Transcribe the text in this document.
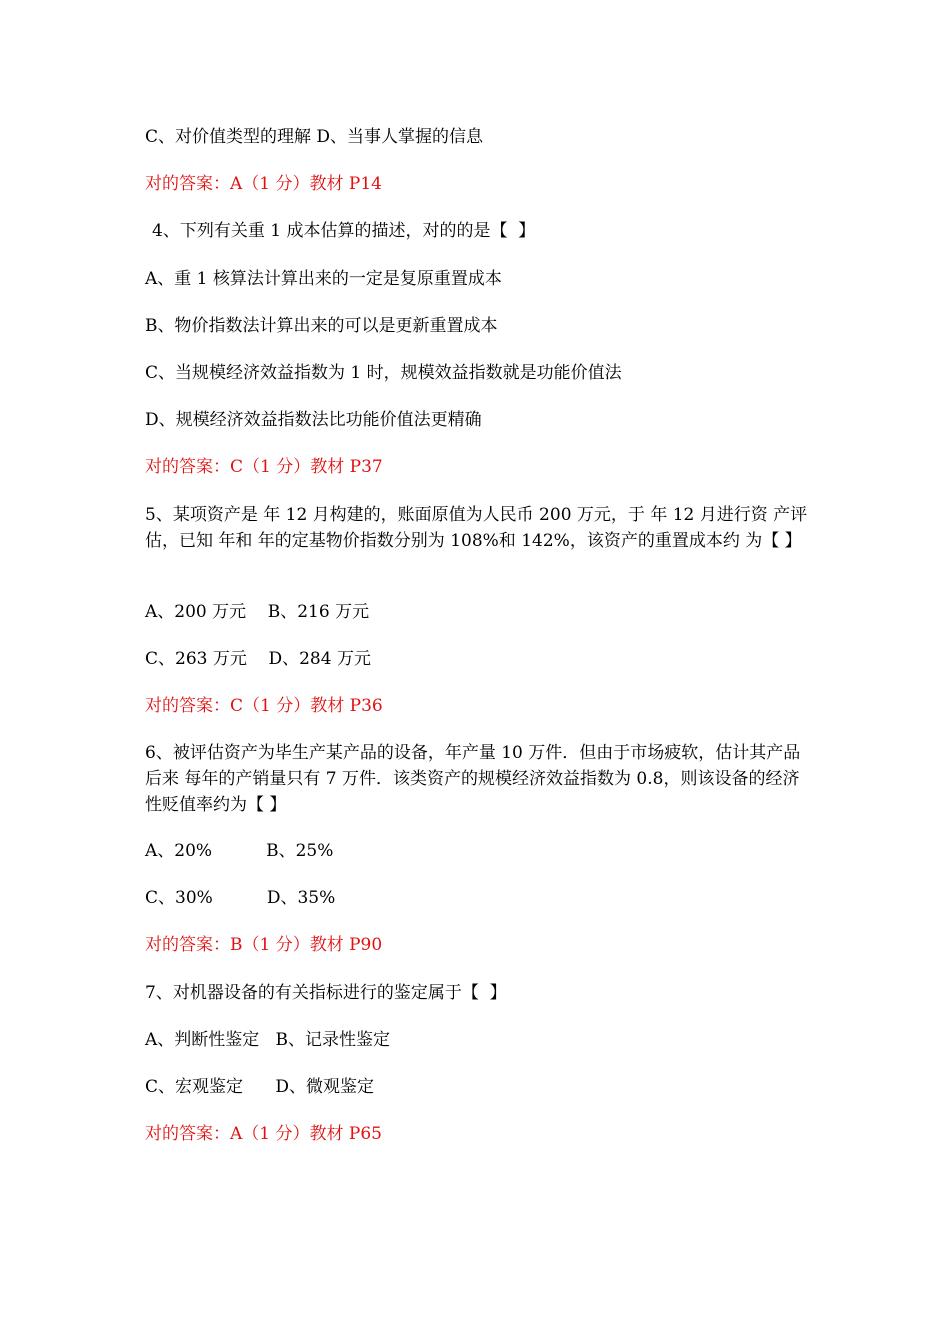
C、对价值类型的理解 D、当事人掌握的信息

对的答案：A（1 分）教材 P14

4、下列有关重 1 成本估算的描述，对的的是【  】

A、重 1 核算法计算出来的一定是复原重置成本

B、物价指数法计算出来的可以是更新重置成本

C、当规模经济效益指数为 1 时，规模效益指数就是功能价值法

D、规模经济效益指数法比功能价值法更精确

对的答案：C（1 分）教材 P37

5、某项资产是 年 12 月构建的，账面原值为人民币 200 万元，于 年 12 月进行资 产评估，已知 年和 年的定基物价指数分别为 108%和 142%，该资产的重置成本约 为【 】

A、200 万元    B、216 万元

C、263 万元    D、284 万元

对的答案：C（1 分）教材 P36

6、被评估资产为毕生产某产品的设备，年产量 10 万件．但由于市场疲软，估计其产品后来 每年的产销量只有 7 万件．该类资产的规模经济效益指数为 0.8，则该设备的经济性贬值率约为【 】

A、20%          B、25%

C、30%          D、35%

对的答案：B（1 分）教材 P90

7、对机器设备的有关指标进行的鉴定属于【  】

A、判断性鉴定   B、记录性鉴定

C、宏观鉴定      D、微观鉴定

对的答案：A（1 分）教材 P65
